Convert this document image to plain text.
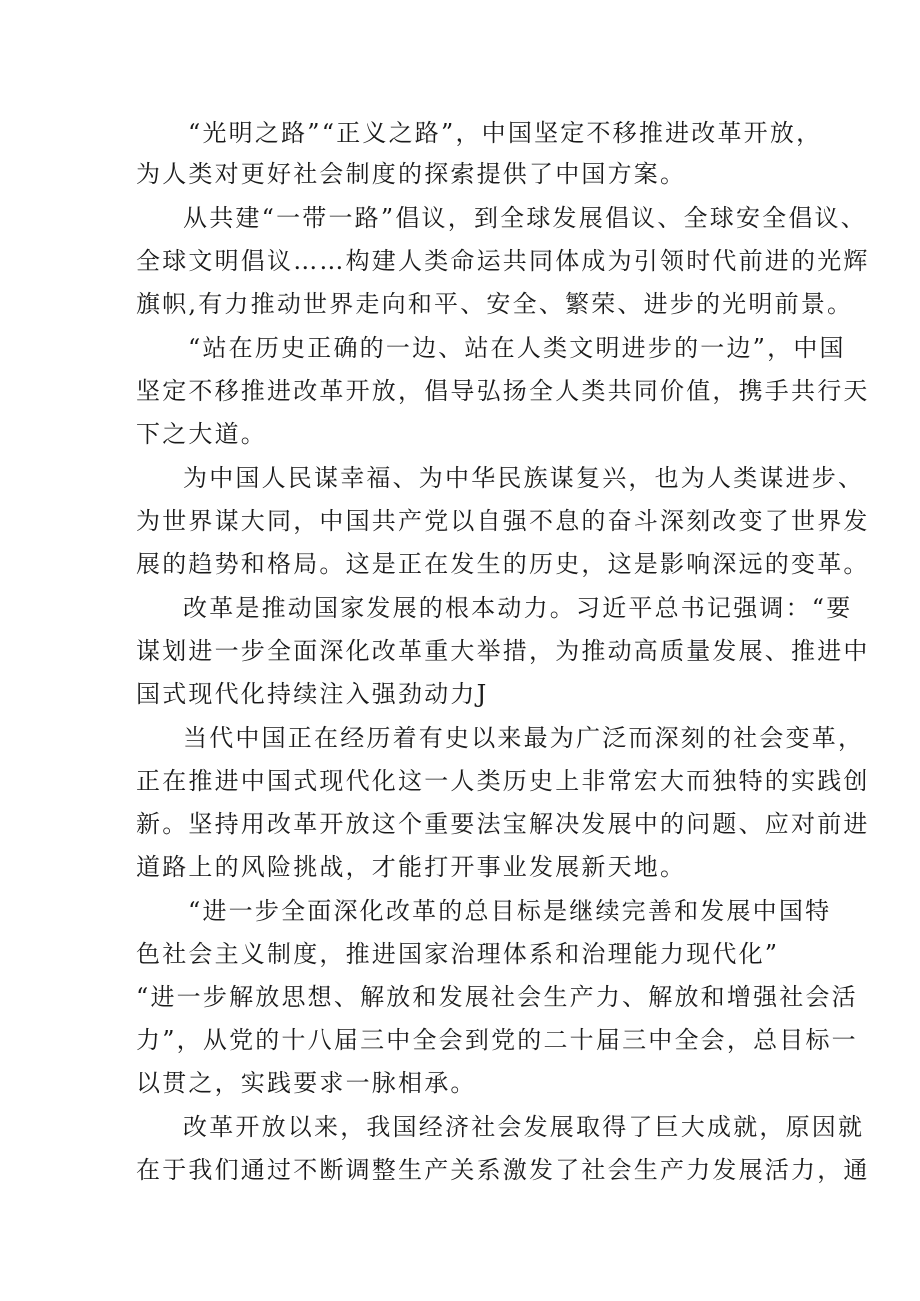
“光明之路”“正义之路”，中国坚定不移推进改革开放，
为人类对更好社会制度的探索提供了中国方案。
从共建“一带一路”倡议，到全球发展倡议、全球安全倡议、
全球文明倡议……构建人类命运共同体成为引领时代前进的光辉
旗帜,有力推动世界走向和平、安全、繁荣、进步的光明前景。
“站在历史正确的一边、站在人类文明进步的一边”，中国
坚定不移推进改革开放，倡导弘扬全人类共同价值，携手共行天
下之大道。
为中国人民谋幸福、为中华民族谋复兴，也为人类谋进步、
为世界谋大同，中国共产党以自强不息的奋斗深刻改变了世界发
展的趋势和格局。这是正在发生的历史，这是影响深远的变革。
改革是推动国家发展的根本动力。习近平总书记强调：“要
谋划进一步全面深化改革重大举措，为推动高质量发展、推进中
国式现代化持续注入强劲动力J
当代中国正在经历着有史以来最为广泛而深刻的社会变革，
正在推进中国式现代化这一人类历史上非常宏大而独特的实践创
新。坚持用改革开放这个重要法宝解决发展中的问题、应对前进
道路上的风险挑战，才能打开事业发展新天地。
“进一步全面深化改革的总目标是继续完善和发展中国特
色社会主义制度，推进国家治理体系和治理能力现代化”
“进一步解放思想、解放和发展社会生产力、解放和增强社会活
力”，从党的十八届三中全会到党的二十届三中全会，总目标一
以贯之，实践要求一脉相承。
改革开放以来，我国经济社会发展取得了巨大成就，原因就
在于我们通过不断调整生产关系激发了社会生产力发展活力，通
